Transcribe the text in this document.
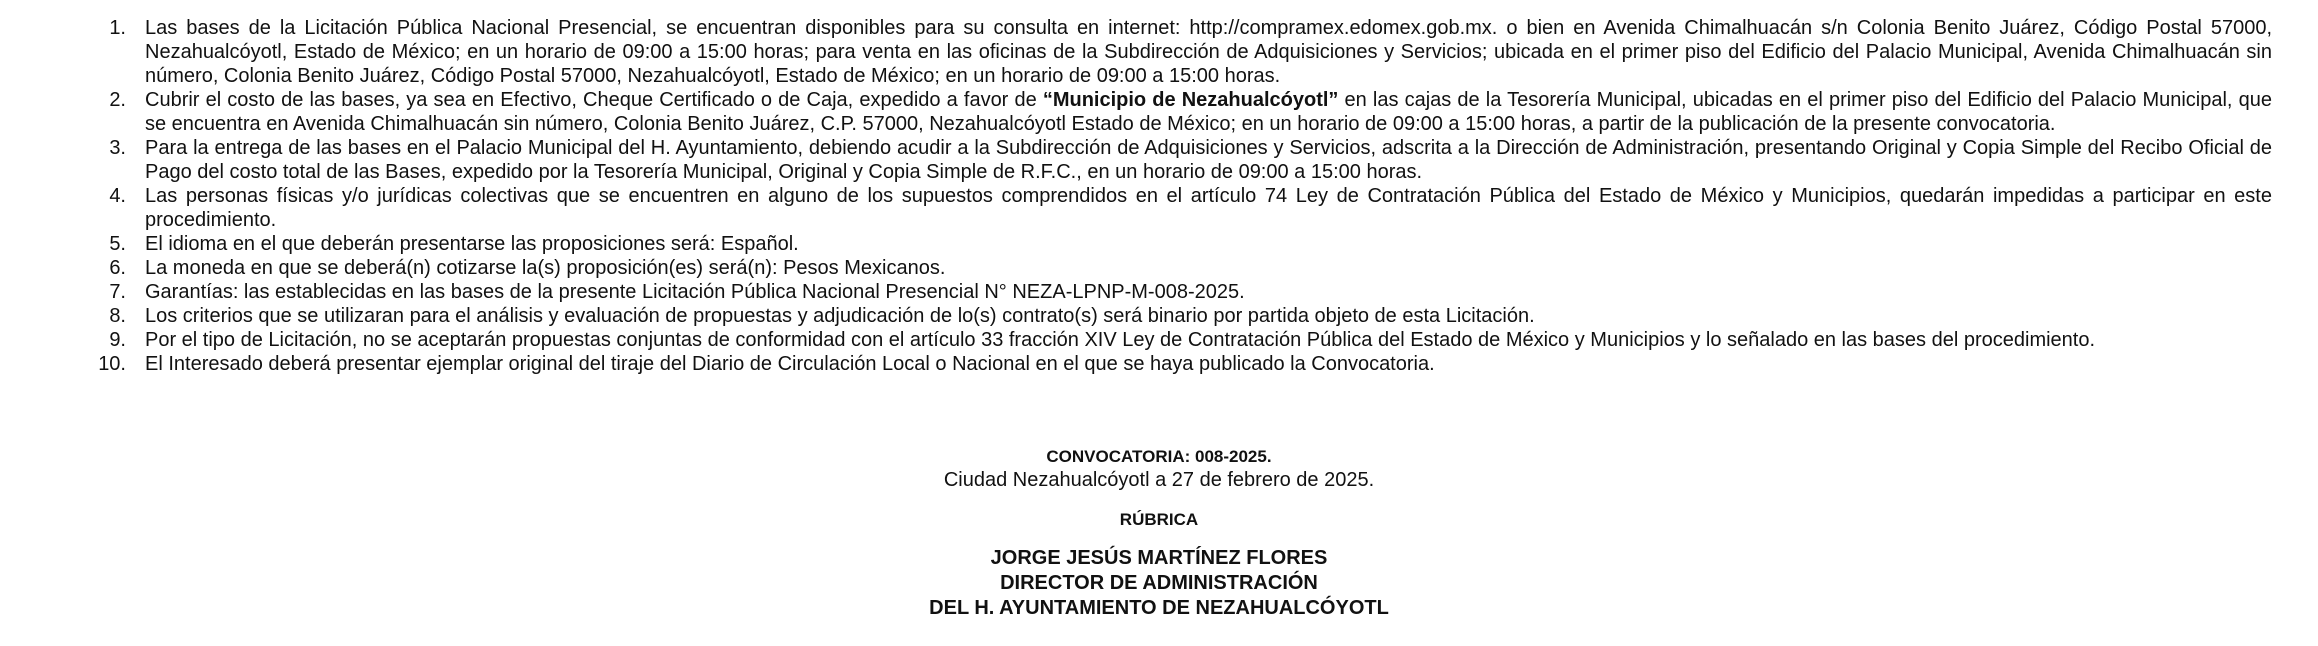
1. Las bases de la Licitación Pública Nacional Presencial, se encuentran disponibles para su consulta en internet: http://compramex.edomex.gob.mx. o bien en Avenida Chimalhuacán s/n Colonia Benito Juárez, Código Postal 57000, Nezahualcóyotl, Estado de México; en un horario de 09:00 a 15:00 horas; para venta en las oficinas de la Subdirección de Adquisiciones y Servicios; ubicada en el primer piso del Edificio del Palacio Municipal, Avenida Chimalhuacán sin número, Colonia Benito Juárez, Código Postal 57000, Nezahualcóyotl, Estado de México; en un horario de 09:00 a 15:00 horas.
2. Cubrir el costo de las bases, ya sea en Efectivo, Cheque Certificado o de Caja, expedido a favor de “Municipio de Nezahualcóyotl” en las cajas de la Tesorería Municipal, ubicadas en el primer piso del Edificio del Palacio Municipal, que se encuentra en Avenida Chimalhuacán sin número, Colonia Benito Juárez, C.P. 57000, Nezahualcóyotl Estado de México; en un horario de 09:00 a 15:00 horas, a partir de la publicación de la presente convocatoria.
3. Para la entrega de las bases en el Palacio Municipal del H. Ayuntamiento, debiendo acudir a la Subdirección de Adquisiciones y Servicios, adscrita a la Dirección de Administración, presentando Original y Copia Simple del Recibo Oficial de Pago del costo total de las Bases, expedido por la Tesorería Municipal, Original y Copia Simple de R.F.C., en un horario de 09:00 a 15:00 horas.
4. Las personas físicas y/o jurídicas colectivas que se encuentren en alguno de los supuestos comprendidos en el artículo 74 Ley de Contratación Pública del Estado de México y Municipios, quedarán impedidas a participar en este procedimiento.
5. El idioma en el que deberán presentarse las proposiciones será: Español.
6. La moneda en que se deberá(n) cotizarse la(s) proposición(es) será(n): Pesos Mexicanos.
7. Garantías: las establecidas en las bases de la presente Licitación Pública Nacional Presencial N° NEZA-LPNP-M-008-2025.
8. Los criterios que se utilizaran para el análisis y evaluación de propuestas y adjudicación de lo(s) contrato(s) será binario por partida objeto de esta Licitación.
9. Por el tipo de Licitación, no se aceptarán propuestas conjuntas de conformidad con el artículo 33 fracción XIV Ley de Contratación Pública del Estado de México y Municipios y lo señalado en las bases del procedimiento.
10. El Interesado deberá presentar ejemplar original del tiraje del Diario de Circulación Local o Nacional en el que se haya publicado la Convocatoria.
CONVOCATORIA: 008-2025.
Ciudad Nezahualcóyotl a 27 de febrero de 2025.
RÚBRICA
JORGE JESÚS MARTÍNEZ FLORES
DIRECTOR DE ADMINISTRACIÓN
DEL H. AYUNTAMIENTO DE NEZAHUALCÓYOTL
